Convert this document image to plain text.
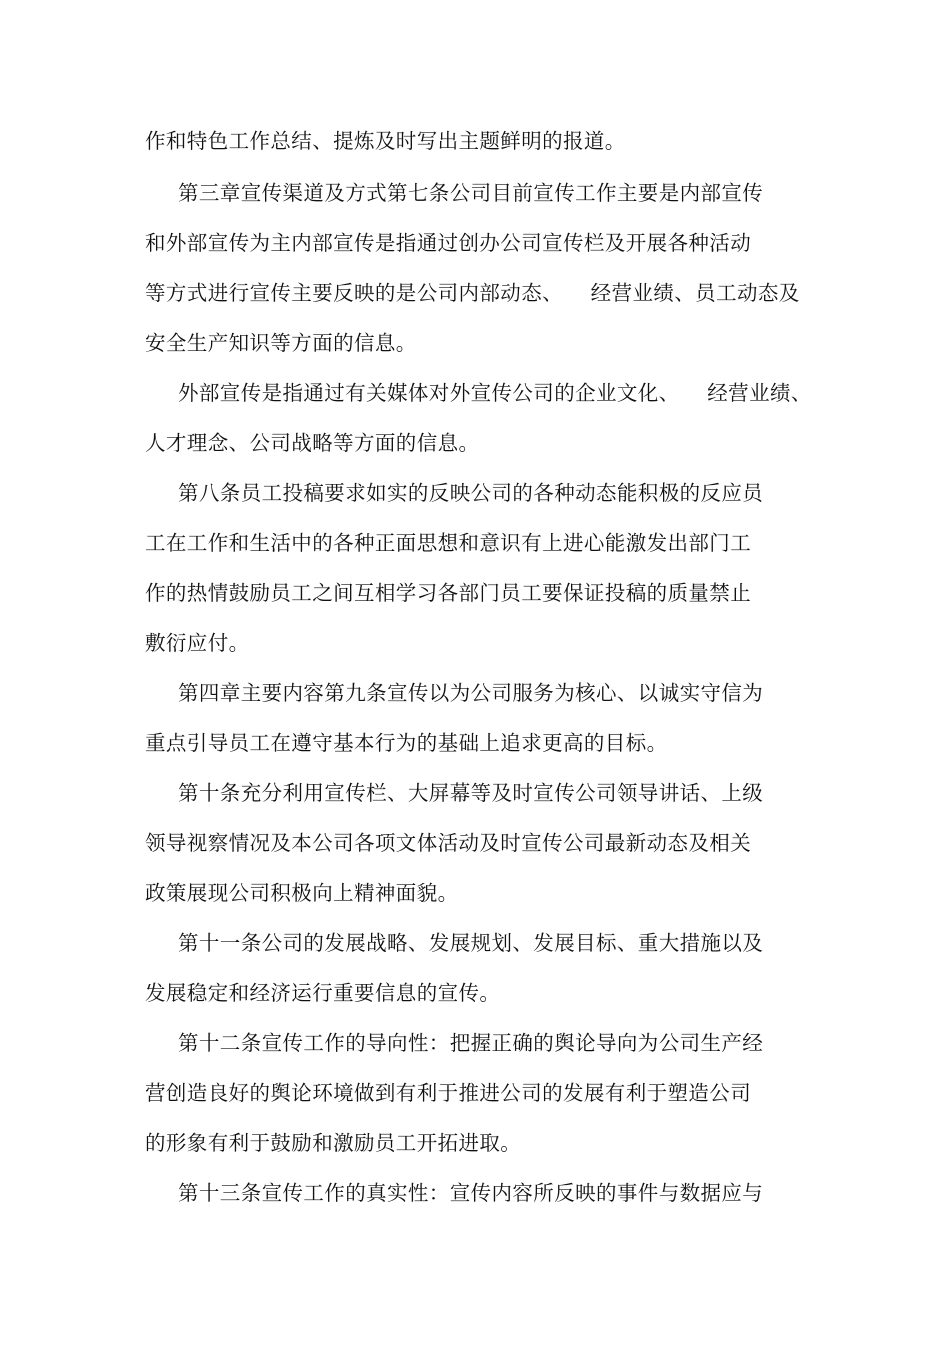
作和特色工作总结、提炼及时写出主题鲜明的报道。
第三章宣传渠道及方式第七条公司目前宣传工作主要是内部宣传
和外部宣传为主内部宣传是指通过创办公司宣传栏及开展各种活动
等方式进行宣传主要反映的是公司内部动态、    经营业绩、员工动态及
安全生产知识等方面的信息。
外部宣传是指通过有关媒体对外宣传公司的企业文化、    经营业绩、
人才理念、公司战略等方面的信息。
第八条员工投稿要求如实的反映公司的各种动态能积极的反应员
工在工作和生活中的各种正面思想和意识有上进心能激发出部门工
作的热情鼓励员工之间互相学习各部门员工要保证投稿的质量禁止
敷衍应付。
第四章主要内容第九条宣传以为公司服务为核心、以诚实守信为
重点引导员工在遵守基本行为的基础上追求更高的目标。
第十条充分利用宣传栏、大屏幕等及时宣传公司领导讲话、上级
领导视察情况及本公司各项文体活动及时宣传公司最新动态及相关
政策展现公司积极向上精神面貌。
第十一条公司的发展战略、发展规划、发展目标、重大措施以及
发展稳定和经济运行重要信息的宣传。
第十二条宣传工作的导向性：把握正确的舆论导向为公司生产经
营创造良好的舆论环境做到有利于推进公司的发展有利于塑造公司
的形象有利于鼓励和激励员工开拓进取。
第十三条宣传工作的真实性：宣传内容所反映的事件与数据应与
